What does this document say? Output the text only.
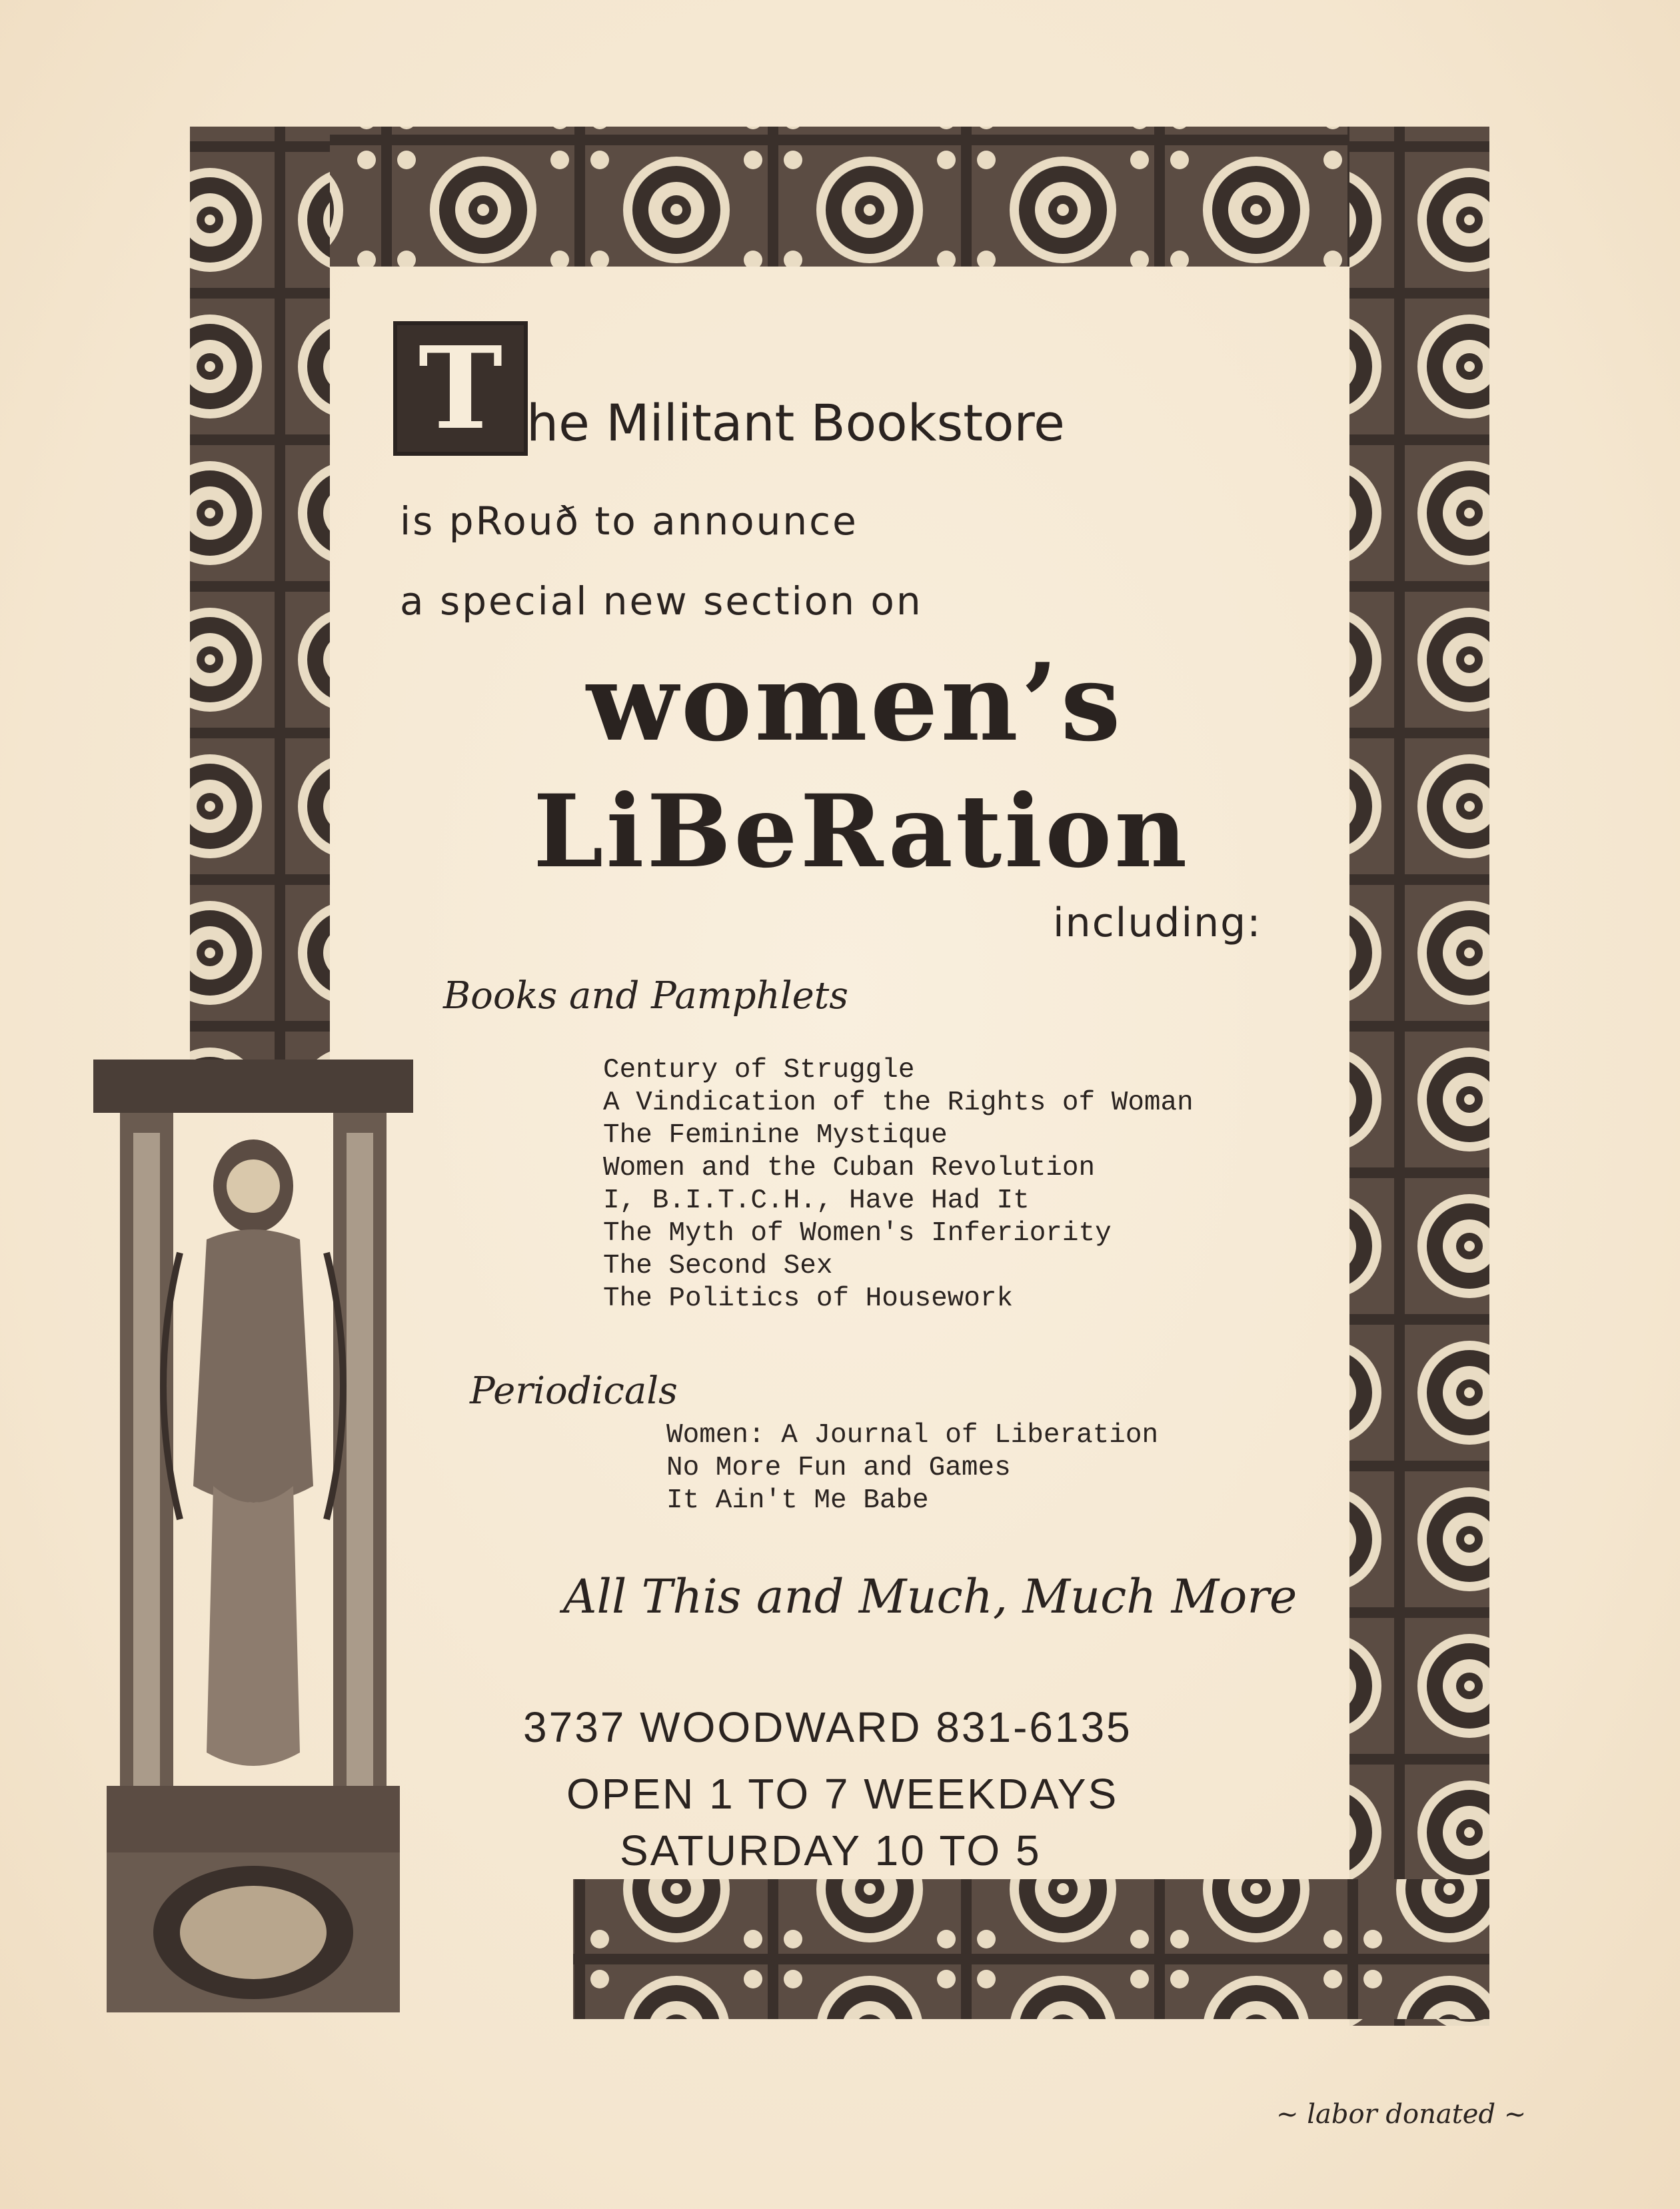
T he Militant Bookstore
is pRouð to announce
a special new section on
women’s
LiBeRation
including:
Books and Pamphlets
Century of Struggle
A Vindication of the Rights of Woman
The Feminine Mystique
Women and the Cuban Revolution
I, B.I.T.C.H., Have Had It
The Myth of Women's Inferiority
The Second Sex
The Politics of Housework
Periodicals
Women: A Journal of Liberation
No More Fun and Games
It Ain't Me Babe
All This and Much, Much More
3737 WOODWARD 831-6135
OPEN 1 TO 7 WEEKDAYS
SATURDAY 10 TO 5
~ labor donated ~
